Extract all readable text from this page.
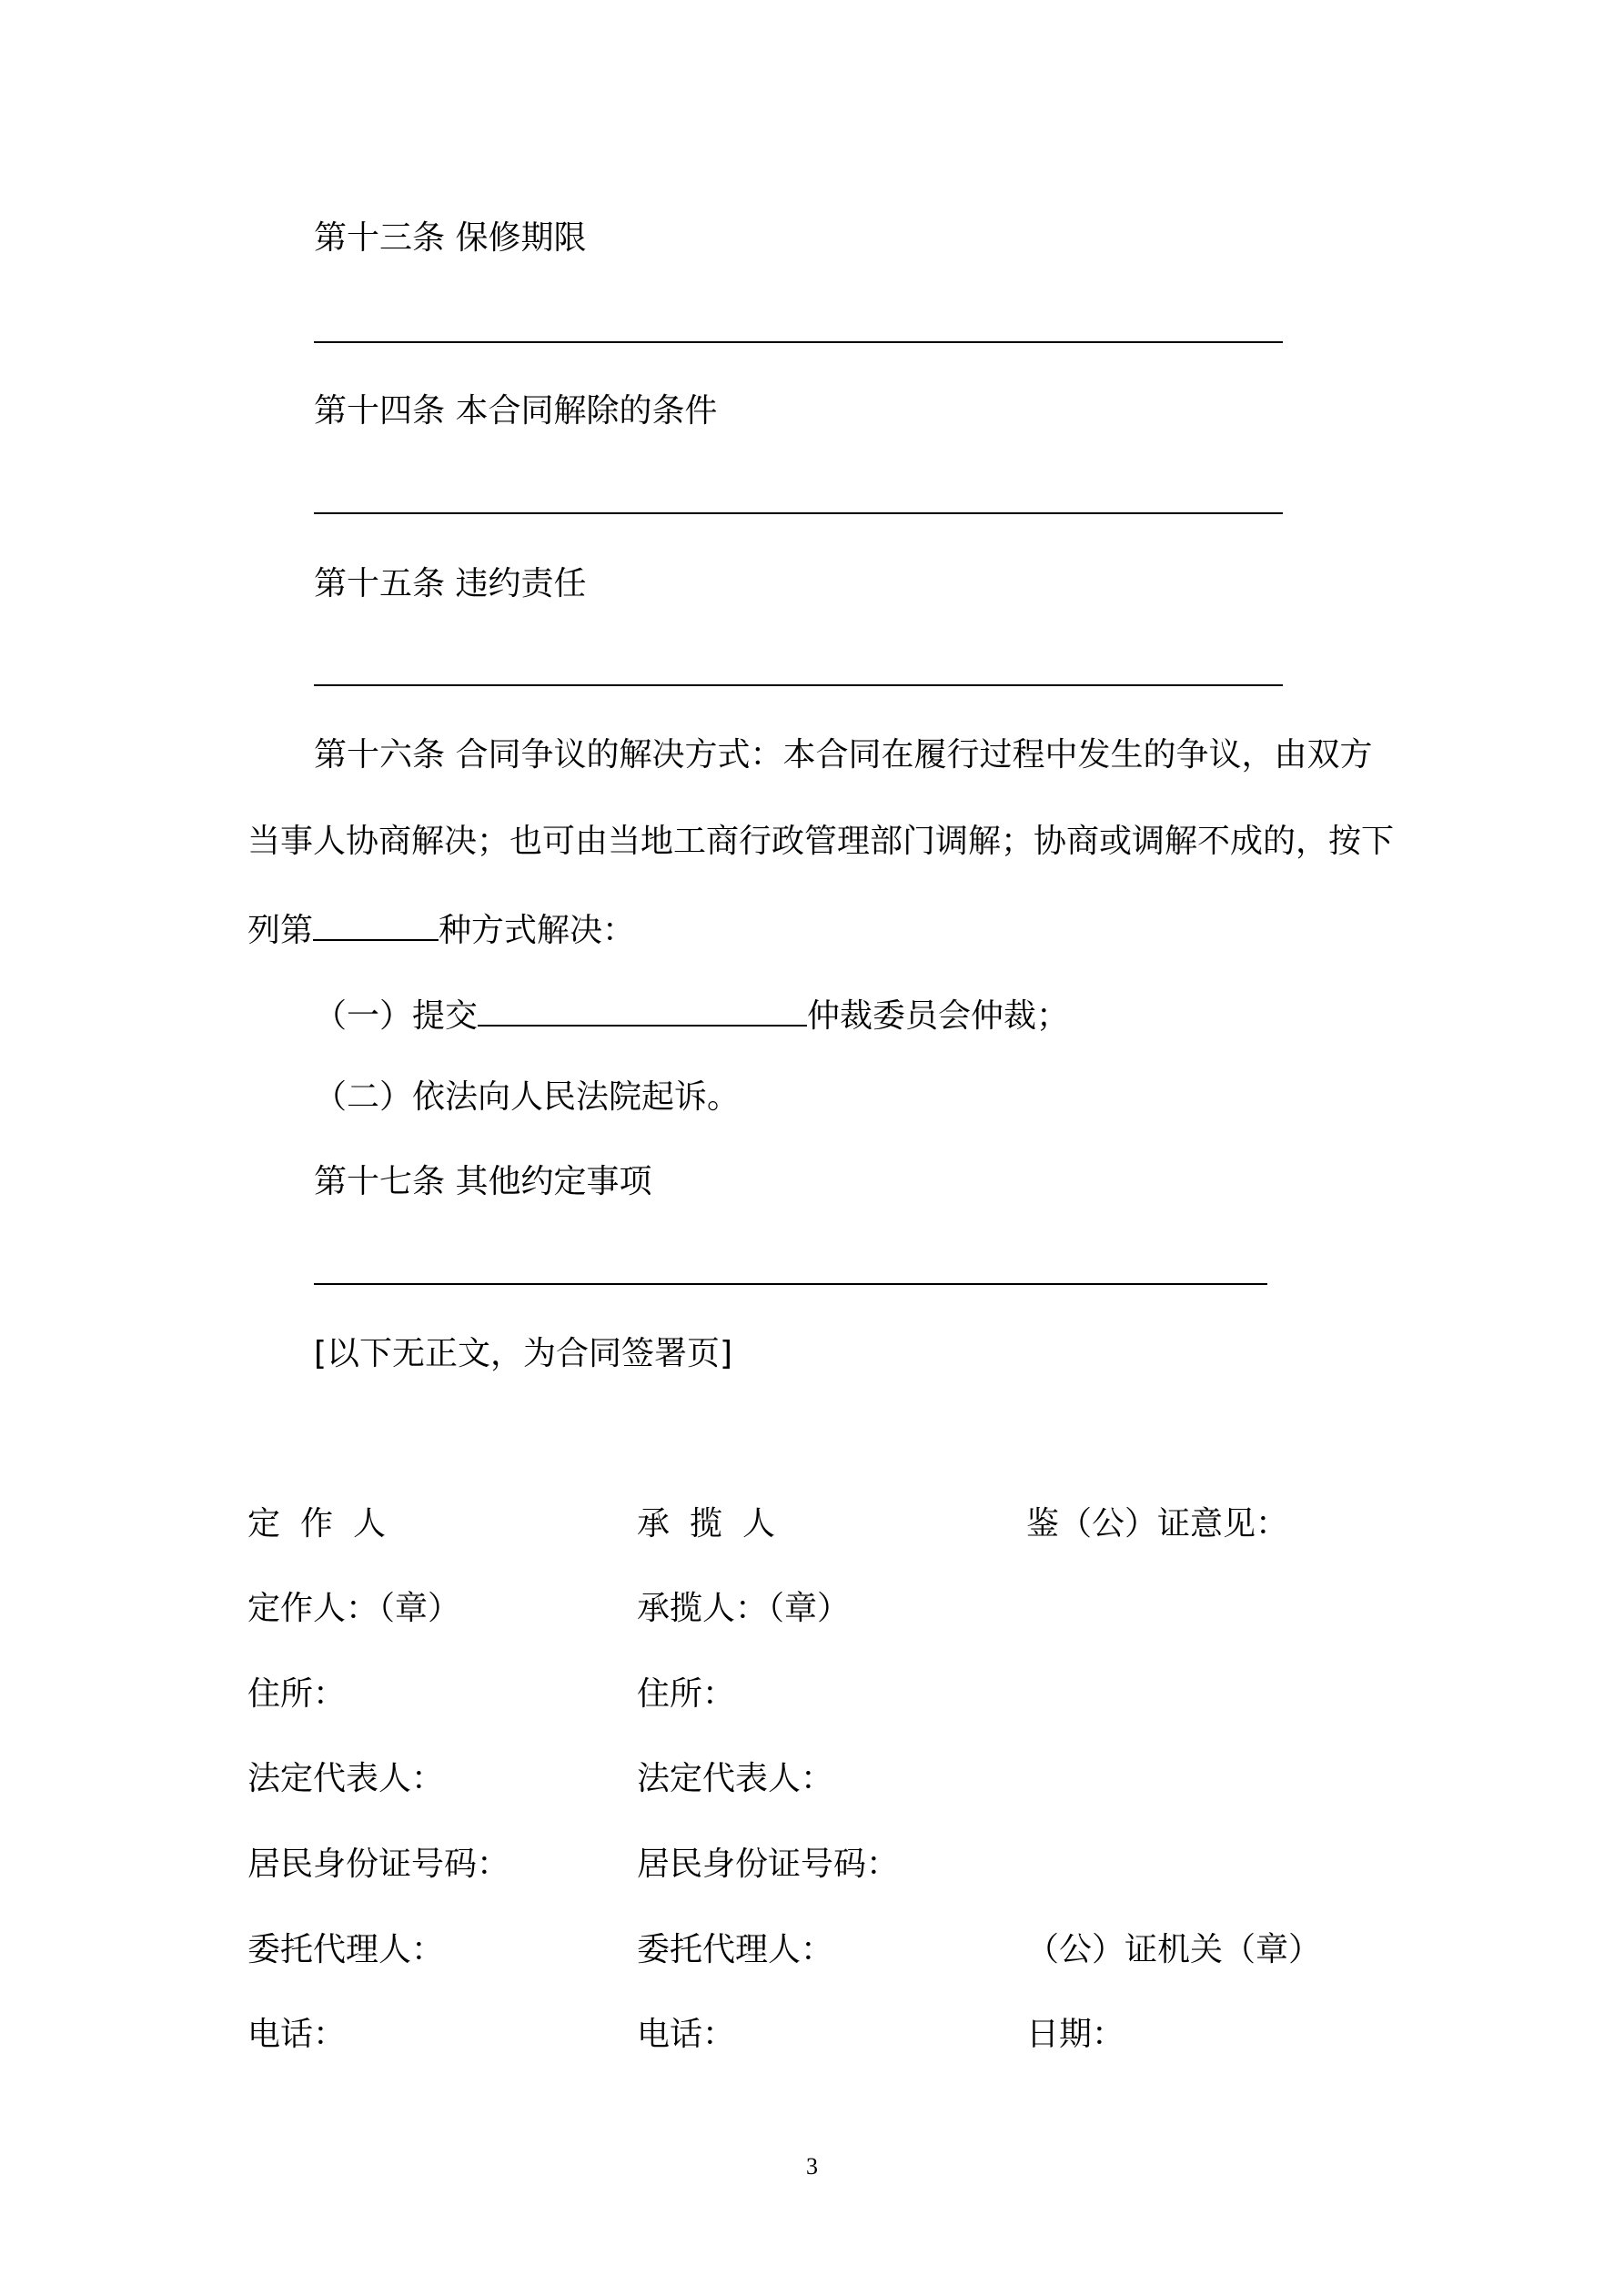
第十三条 保修期限
第十四条 本合同解除的条件
第十五条 违约责任
第十六条 合同争议的解决方式：本合同在履行过程中发生的争议，由双方
当事人协商解决；也可由当地工商行政管理部门调解；协商或调解不成的，按下
列第	种方式解决：
（一）提交	仲裁委员会仲裁；
（二）依法向人民法院起诉。
第十七条 其他约定事项
[以下无正文，为合同签署页]
定作人
定作人：（章）
住所：
法定代表人：
居民身份证号码：
委托代理人：
电话：
承揽人
承揽人：（章）
住所：
法定代表人：
居民身份证号码：
委托代理人：
电话：
鉴（公）证意见：
（公）证机关（章）
日期：
3
